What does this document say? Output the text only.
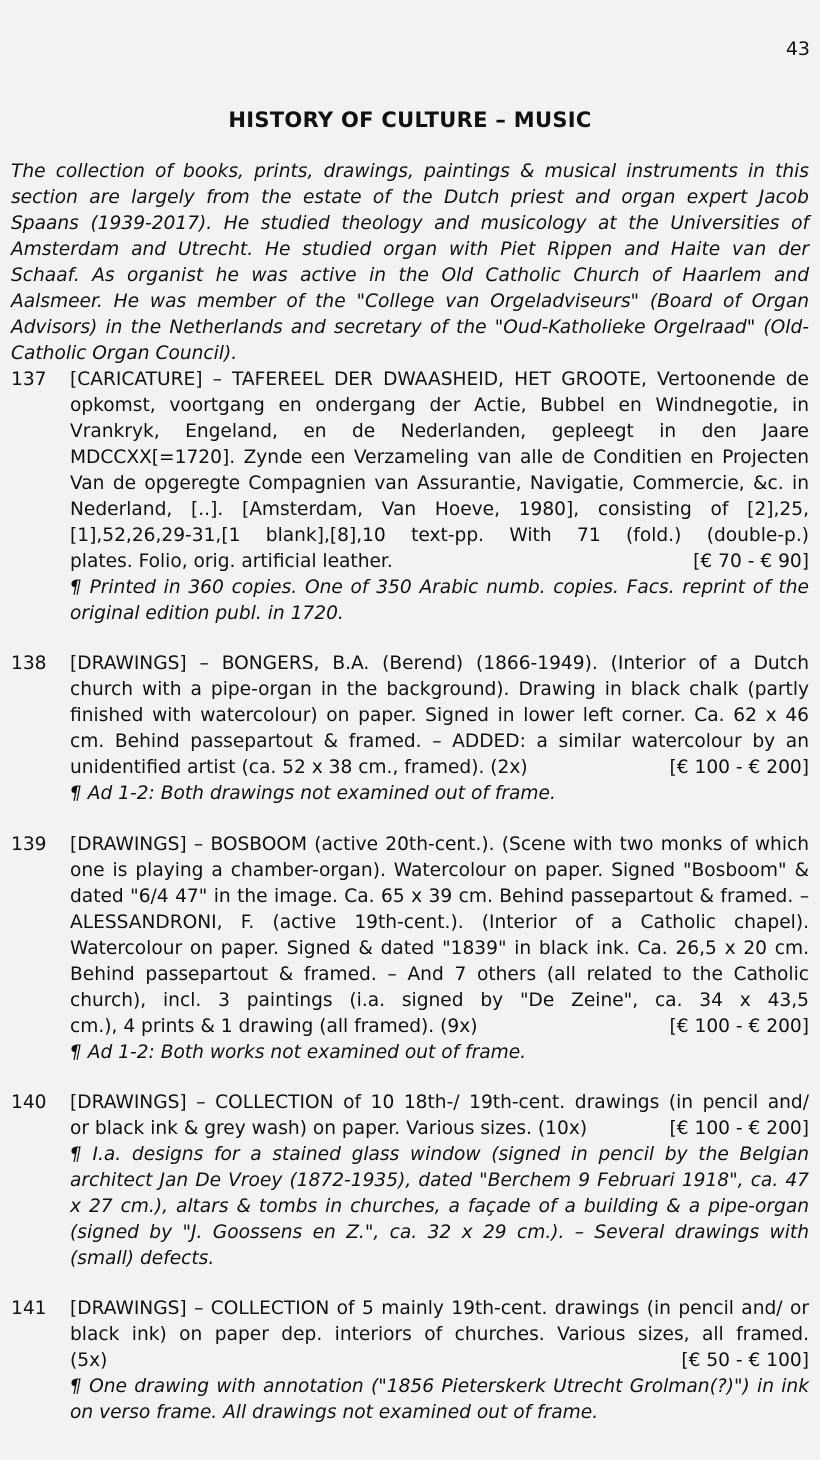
43
HISTORY OF CULTURE – MUSIC

The collection of books, prints, drawings, paintings & musical instruments in this section are largely from the estate of the Dutch priest and organ expert Jacob Spaans (1939-2017). He studied theology and musicology at the Universities of Amsterdam and Utrecht. He studied organ with Piet Rippen and Haite van der Schaaf. As organist he was active in the Old Catholic Church of Haarlem and Aalsmeer. He was member of the "College van Orgeladviseurs" (Board of Organ Advisors) in the Netherlands and secretary of the "Oud-Katholieke Orgelraad" (Old-Catholic Organ Council).

137 [CARICATURE] – TAFEREEL DER DWAASHEID, HET GROOTE, Vertoonende de opkomst, voortgang en ondergang der Actie, Bubbel en Windnegotie, in Vrankryk, Engeland, en de Nederlanden, gepleegt in den Jaare MDCCXX[=1720]. Zynde een Verzameling van alle de Conditien en Projecten Van de opgeregte Compagnien van Assurantie, Navigatie, Commercie, &c. in Nederland, [..]. [Amsterdam, Van Hoeve, 1980], consisting of [2],25,[1],52,26,29-31,[1 blank],[8],10 text-pp. With 71 (fold.) (double-p.)

plates. Folio, orig. artificial leather.	[€ 70 - € 90]

¶ Printed in 360 copies. One of 350 Arabic numb. copies. Facs. reprint of the original edition publ. in 1720.

138 [DRAWINGS] – BONGERS, B.A. (Berend) (1866-1949). (Interior of a Dutch church with a pipe-organ in the background). Drawing in black chalk (partly finished with watercolour) on paper. Signed in lower left corner. Ca. 62 x 46 cm. Behind passepartout & framed. – ADDED: a similar watercolour by an

unidentified artist (ca. 52 x 38 cm., framed). (2x)	[€ 100 - € 200]

¶ Ad 1-2: Both drawings not examined out of frame.

139 [DRAWINGS] – BOSBOOM (active 20th-cent.). (Scene with two monks of which one is playing a chamber-organ). Watercolour on paper. Signed "Bosboom" & dated "6/4 47" in the image. Ca. 65 x 39 cm. Behind passepartout & framed. – ALESSANDRONI, F. (active 19th-cent.). (Interior of a Catholic chapel). Watercolour on paper. Signed & dated "1839" in black ink. Ca. 26,5 x 20 cm. Behind passepartout & framed. – And 7 others (all related to the Catholic church), incl. 3 paintings (i.a. signed by "De Zeine", ca. 34 x 43,5

cm.), 4 prints & 1 drawing (all framed). (9x)	[€ 100 - € 200]

¶ Ad 1-2: Both works not examined out of frame.

140 [DRAWINGS] – COLLECTION of 10 18th-/ 19th-cent. drawings (in pencil and/

or black ink & grey wash) on paper. Various sizes. (10x)	[€ 100 - € 200]

¶ I.a. designs for a stained glass window (signed in pencil by the Belgian architect Jan De Vroey (1872-1935), dated "Berchem 9 Februari 1918", ca. 47 x 27 cm.), altars & tombs in churches, a façade of a building & a pipe-organ (signed by "J. Goossens en Z.", ca. 32 x 29 cm.). – Several drawings with (small) defects.

141 [DRAWINGS] – COLLECTION of 5 mainly 19th-cent. drawings (in pencil and/ or black ink) on paper dep. interiors of churches. Various sizes, all framed.

(5x)	[€ 50 - € 100]

¶ One drawing with annotation ("1856 Pieterskerk Utrecht Grolman(?)") in ink on verso frame. All drawings not examined out of frame.
